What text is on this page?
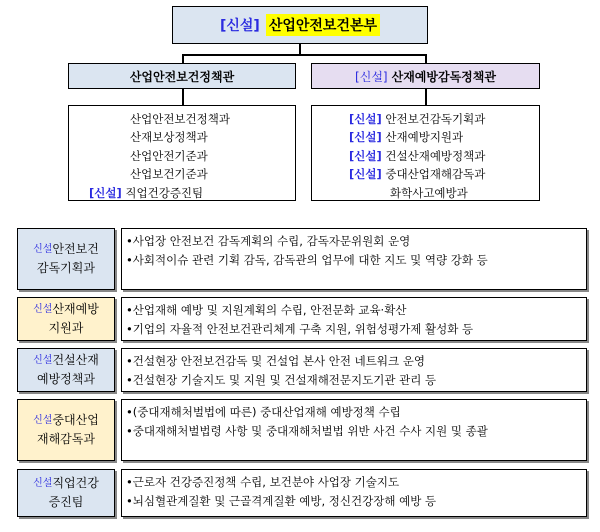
[신설] 산업안전보건본부
산업안전보건정책관	[신설] 산재예방감독정책관
산업안전보건정책과
산재보상정책과
산업안전기준과
산업보건기준과
[신설] 직업건강증진팀
[신설] 안전보건감독기획과
[신설] 산재예방지원과
[신설] 건설산재예방정책과
[신설] 중대산업재해감독과
화학사고예방과
$^{신설}$안전보건
감독기획과
•사업장 안전보건 감독계획의 수립, 감독자문위원회 운영
•사회적이슈 관련 기획 감독, 감독관의 업무에 대한 지도 및 역량 강화 등
$^{신설}$산재예방
지원과
•산업재해 예방 및 지원계획의 수립, 안전문화 교육·확산
•기업의 자율적 안전보건관리체계 구축 지원, 위험성평가제 활성화 등
$^{신설}$건설산재
예방정책과
•건설현장 안전보건감독 및 건설업 본사 안전 네트워크 운영
•건설현장 기술지도 및 지원 및 건설재해전문지도기관 관리 등
$^{신설}$중대산업
재해감독과
•(중대재해처벌법에 따른) 중대산업재해 예방정책 수립
•중대재해처벌법령 사항 및 중대재해처벌법 위반 사건 수사 지원 및 종괄
$^{신설}$직업건강
증진팀
•근로자 건강증진정책 수립, 보건분야 사업장 기술지도
•뇌심혈관계질환 및 근골격계질환 예방, 정신건강장해 예방 등
